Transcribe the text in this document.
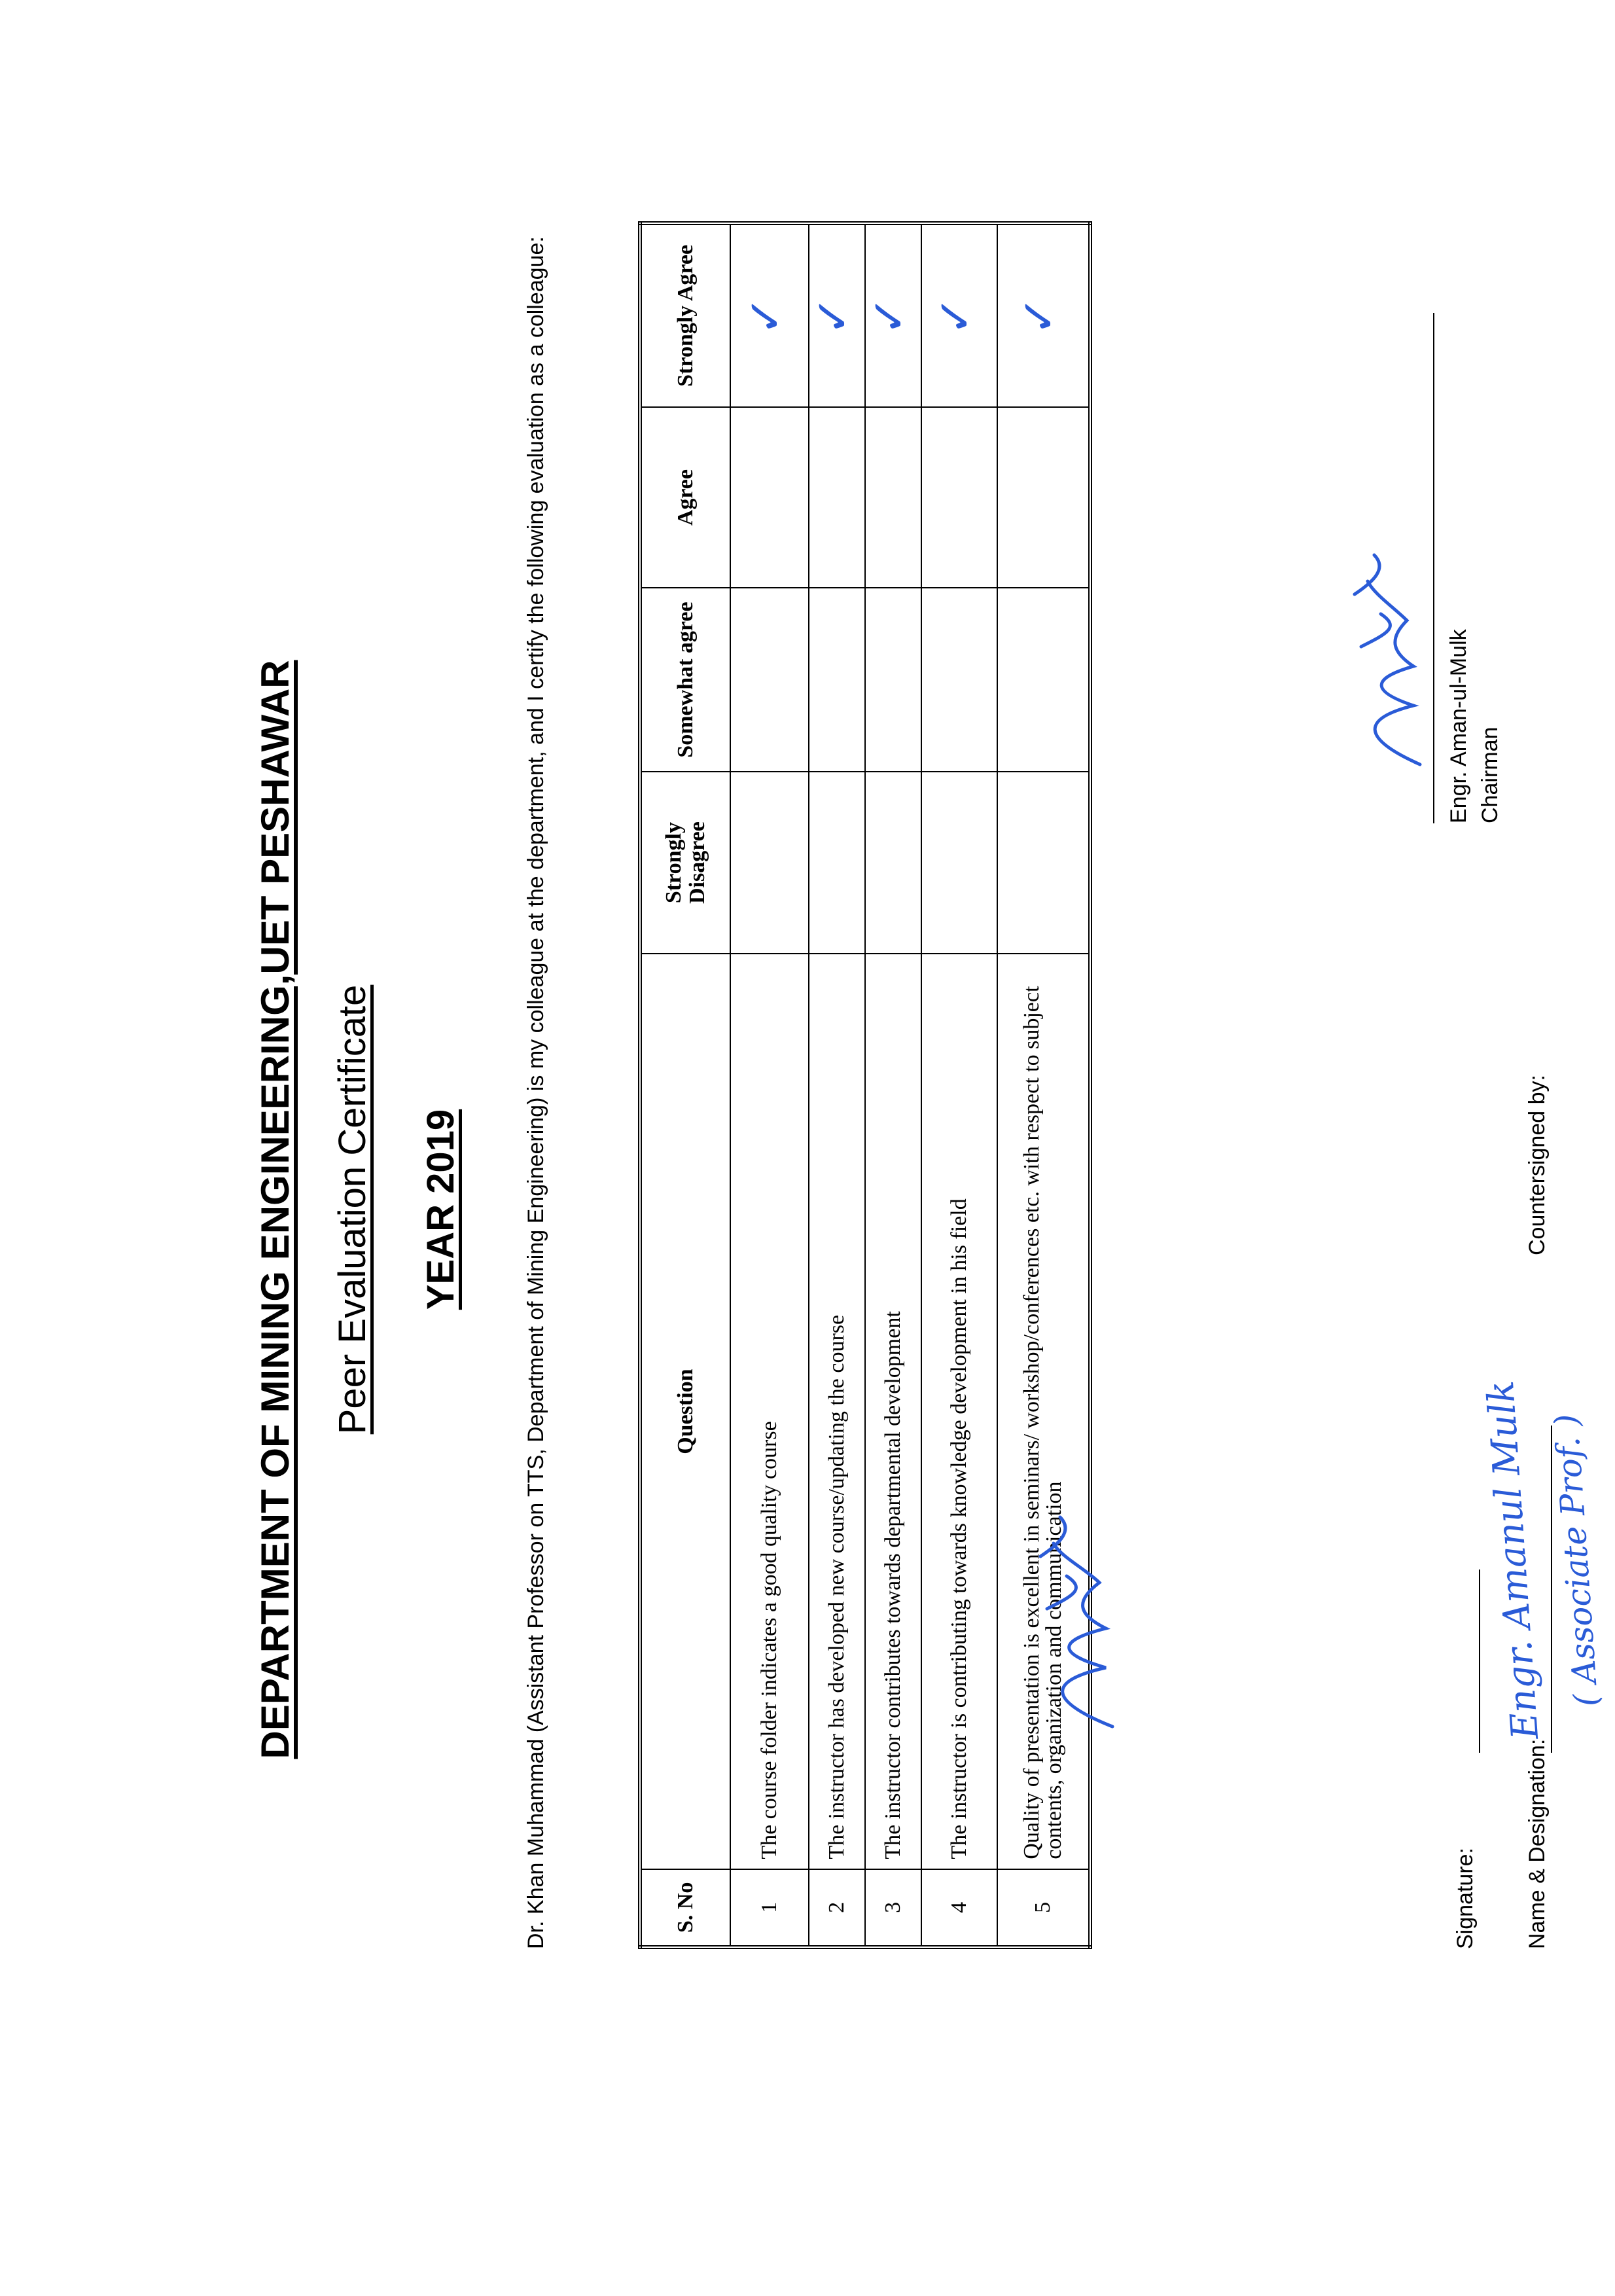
DEPARTMENT OF MINING ENGINEERING,UET PESHAWAR Peer Evaluation Certificate YEAR 2019	Dr. Khan Muhammad (Assistant Professor on TTS, Department of Mining Engineering) is my colleague at the department, and I certify the following evaluation as a colleague:	S. No	Question	Strongly Disagree	Somewhat agree	Agree	Strongly Agree
1	The course folder indicates a good quality course				✓
2	The instructor has developed new course/updating the course				✓
3	The instructor contributes towards departmental development				✓
4	The instructor is contributing towards knowledge development in his field				✓
5	Quality of presentation is excellent in seminars/ workshop/conferences etc. with respect to subject contents, organization and communication				✓
Signature: Name & Designation:
Engr. Amanul Mulk ( Associate Prof. )
Countersigned by:
Engr. Aman-ul-Mulk Chairman
